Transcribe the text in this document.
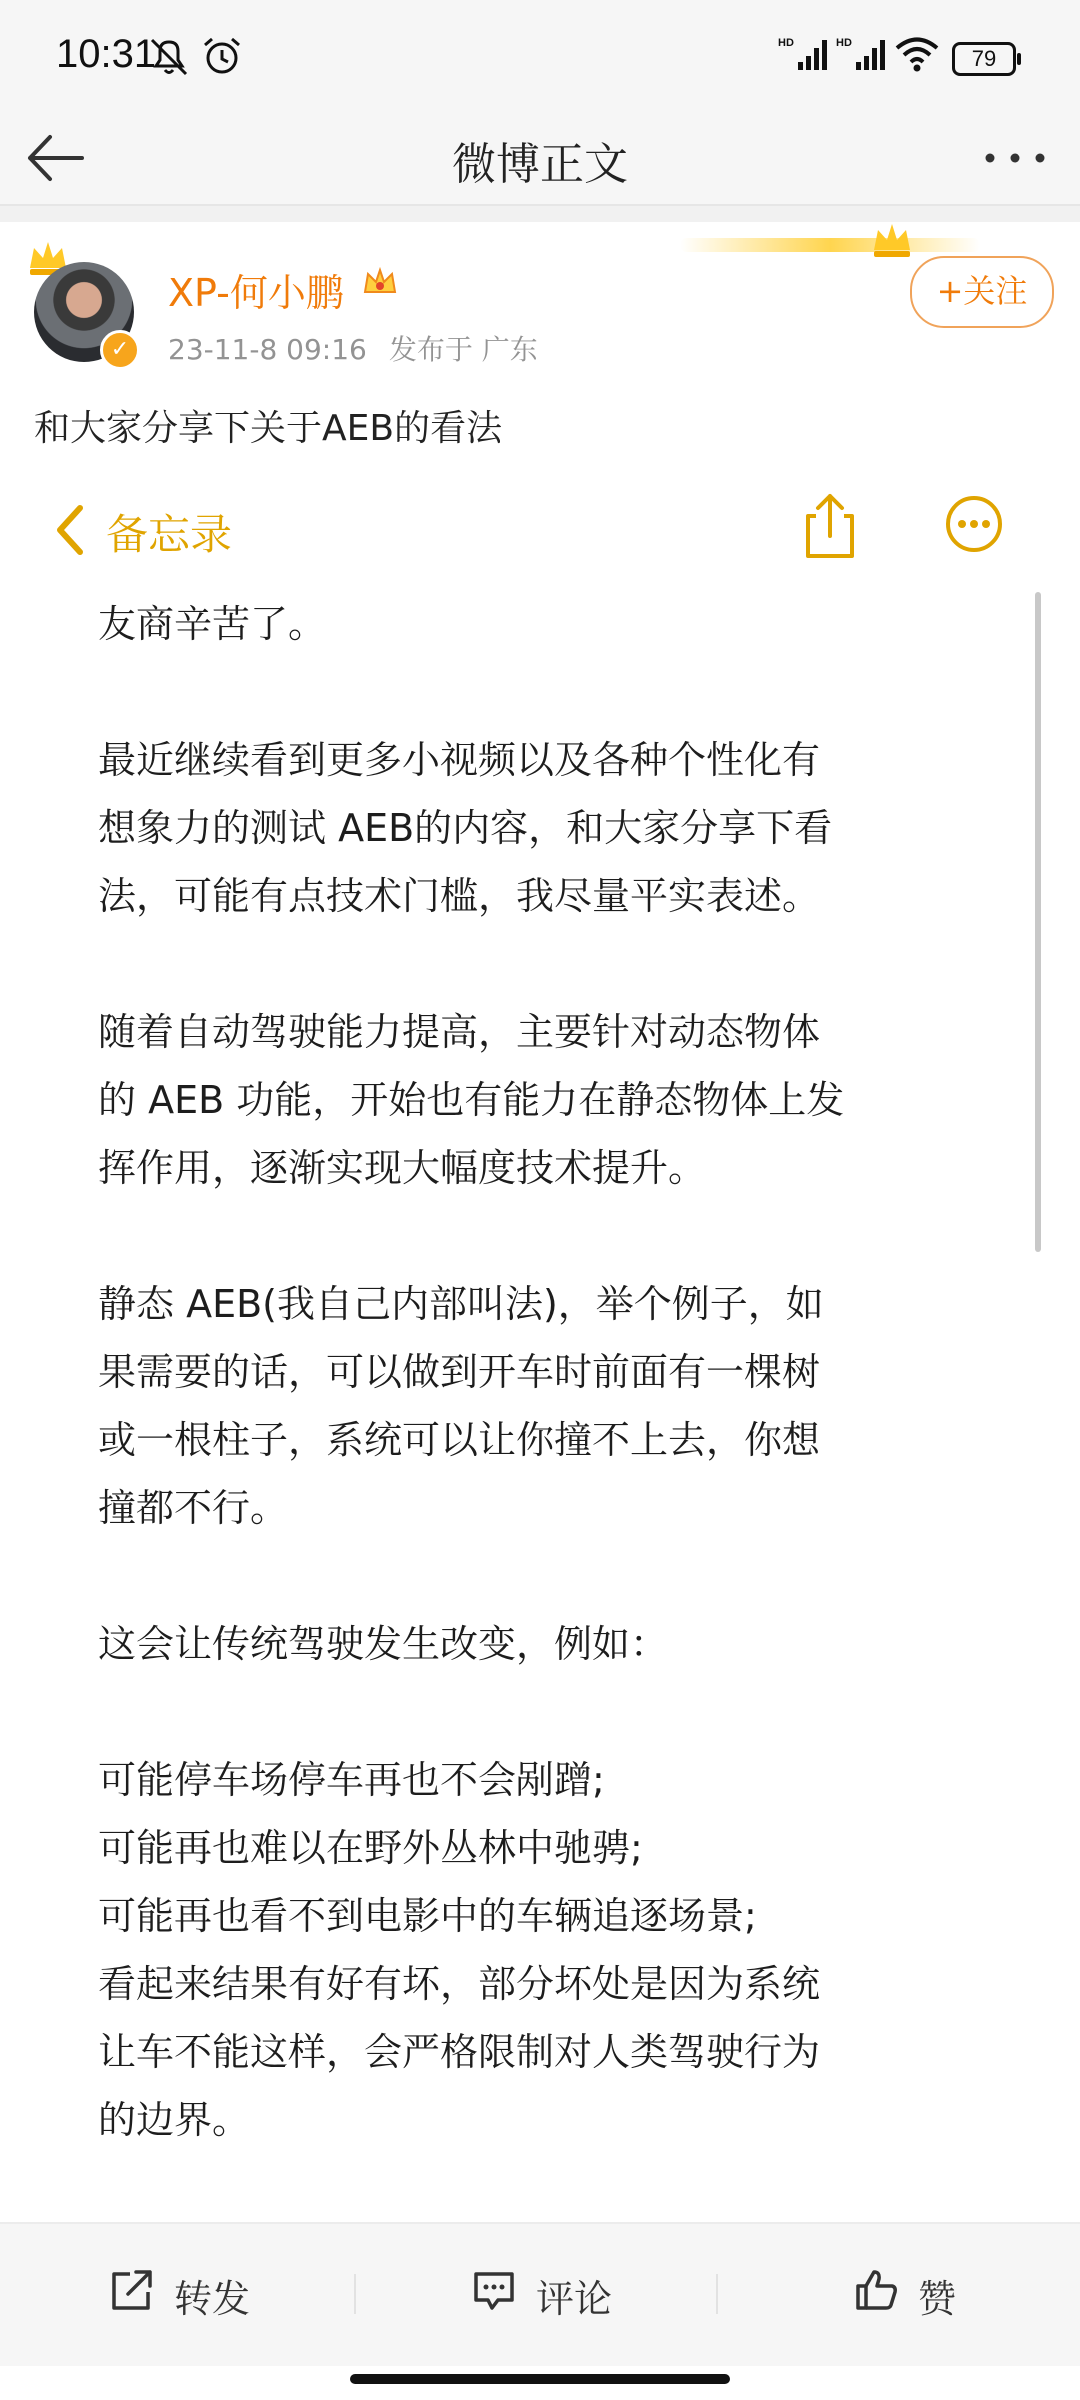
10:31	HD	HD
79
微博正文
✓
XP-何小鹏
23-11-8 09:16 发布于 广东
+关注
和大家分享下关于AEB的看法
备忘录

友商辛苦了。

最近继续看到更多小视频以及各种个性化有
想象力的测试 AEB的内容，和大家分享下看
法，可能有点技术门槛，我尽量平实表述。

随着自动驾驶能力提高，主要针对动态物体
的 AEB 功能，开始也有能力在静态物体上发
挥作用，逐渐实现大幅度技术提升。

静态 AEB(我自己内部叫法)，举个例子，如
果需要的话，可以做到开车时前面有一棵树
或一根柱子，系统可以让你撞不上去，你想
撞都不行。

这会让传统驾驶发生改变，例如：

可能停车场停车再也不会剐蹭;
可能再也难以在野外丛林中驰骋;
可能再也看不到电影中的车辆追逐场景;
看起来结果有好有坏，部分坏处是因为系统
让车不能这样，会严格限制对人类驾驶行为
的边界。

转发	评论	赞
